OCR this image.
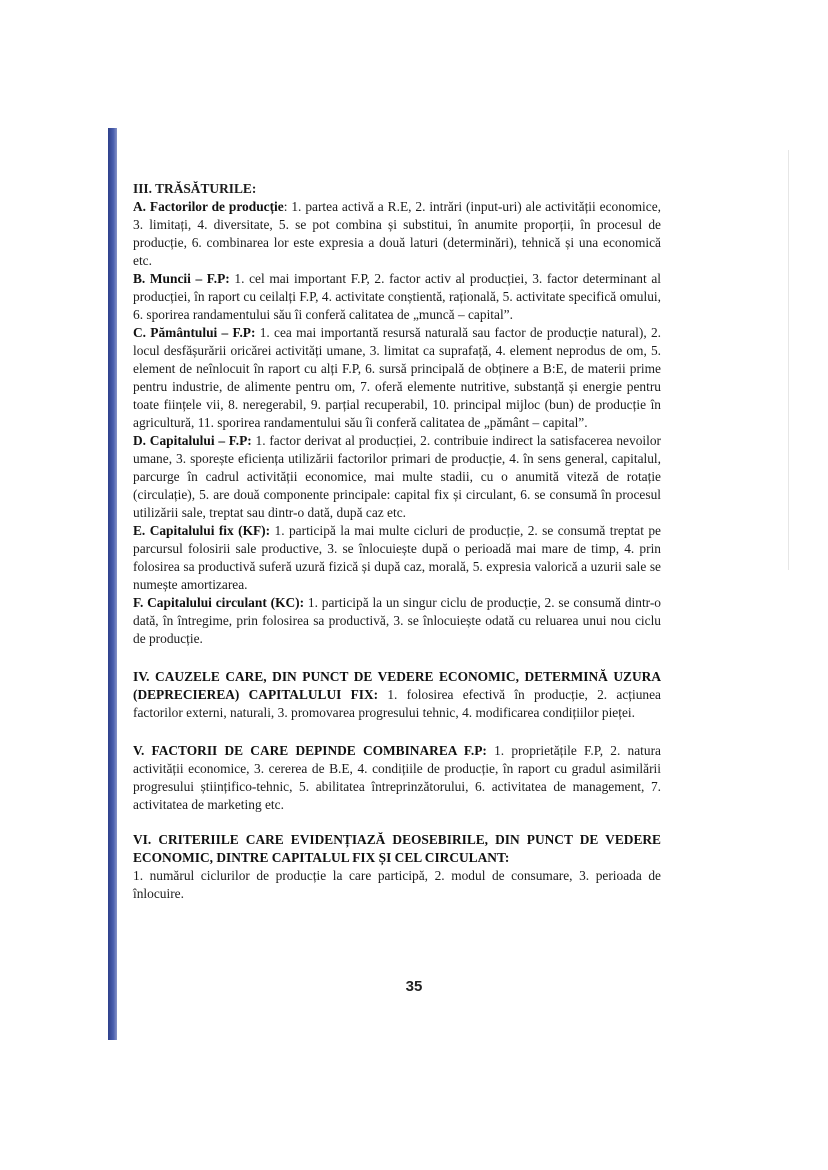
III. TRĂSĂTURILE:

A. Factorilor de producție: 1. partea activă a R.E, 2. intrări (input-uri) ale activității economice, 3. limitați, 4. diversitate, 5. se pot combina și substitui, în anumite proporții, în procesul de producție, 6. combinarea lor este expresia a două laturi (determinări), tehnică și una economică etc.

B. Muncii – F.P: 1. cel mai important F.P, 2. factor activ al producției, 3. factor determinant al producției, în raport cu ceilalți F.P, 4. activitate conștientă, rațională, 5. activitate specifică omului, 6. sporirea randamentului său îi conferă calitatea de „muncă – capital”.

C. Pământului – F.P: 1. cea mai importantă resursă naturală sau factor de producție natural), 2. locul desfășurării oricărei activități umane, 3. limitat ca suprafață, 4. element neprodus de om, 5. element de neînlocuit în raport cu alți F.P, 6. sursă principală de obținere a B:E, de materii prime pentru industrie, de alimente pentru om, 7. oferă elemente nutritive, substanță și energie pentru toate ființele vii, 8. neregerabil, 9. parțial recuperabil, 10. principal mijloc (bun) de producție în agricultură, 11. sporirea randamentului său îi conferă calitatea de „pământ – capital”.

D. Capitalului – F.P: 1. factor derivat al producției, 2. contribuie indirect la satisfacerea nevoilor umane, 3. sporește eficiența utilizării factorilor primari de producție, 4. în sens general, capitalul, parcurge în cadrul activității economice, mai multe stadii, cu o anumită viteză de rotație (circulație), 5. are două componente principale: capital fix și circulant, 6. se consumă în procesul utilizării sale, treptat sau dintr-o dată, după caz etc.

E. Capitalului fix (KF): 1. participă la mai multe cicluri de producție, 2. se consumă treptat pe parcursul folosirii sale productive, 3. se înlocuiește după o perioadă mai mare de timp, 4. prin folosirea sa productivă suferă uzură fizică și după caz, morală, 5. expresia valorică a uzurii sale se numește amortizarea.

F. Capitalului circulant (KC): 1. participă la un singur ciclu de producție, 2. se consumă dintr-o dată, în întregime, prin folosirea sa productivă, 3. se înlocuiește odată cu reluarea unui nou ciclu de producție.

IV. CAUZELE CARE, DIN PUNCT DE VEDERE ECONOMIC, DETERMINĂ UZURA (DEPRECIEREA) CAPITALULUI FIX: 1. folosirea efectivă în producție, 2. acțiunea factorilor externi, naturali, 3. promovarea progresului tehnic, 4. modificarea condițiilor pieței.

V. FACTORII DE CARE DEPINDE COMBINAREA F.P: 1. proprietățile F.P, 2. natura activității economice, 3. cererea de B.E, 4. condițiile de producție, în raport cu gradul asimilării progresului științifico-tehnic, 5. abilitatea întreprinzătorului, 6. activitatea de management, 7. activitatea de marketing etc.

VI. CRITERIILE CARE EVIDENȚIAZĂ DEOSEBIRILE, DIN PUNCT DE VEDERE ECONOMIC, DINTRE CAPITALUL FIX ȘI CEL CIRCULANT:
1. numărul ciclurilor de producție la care participă, 2. modul de consumare, 3. perioada de înlocuire.

35
